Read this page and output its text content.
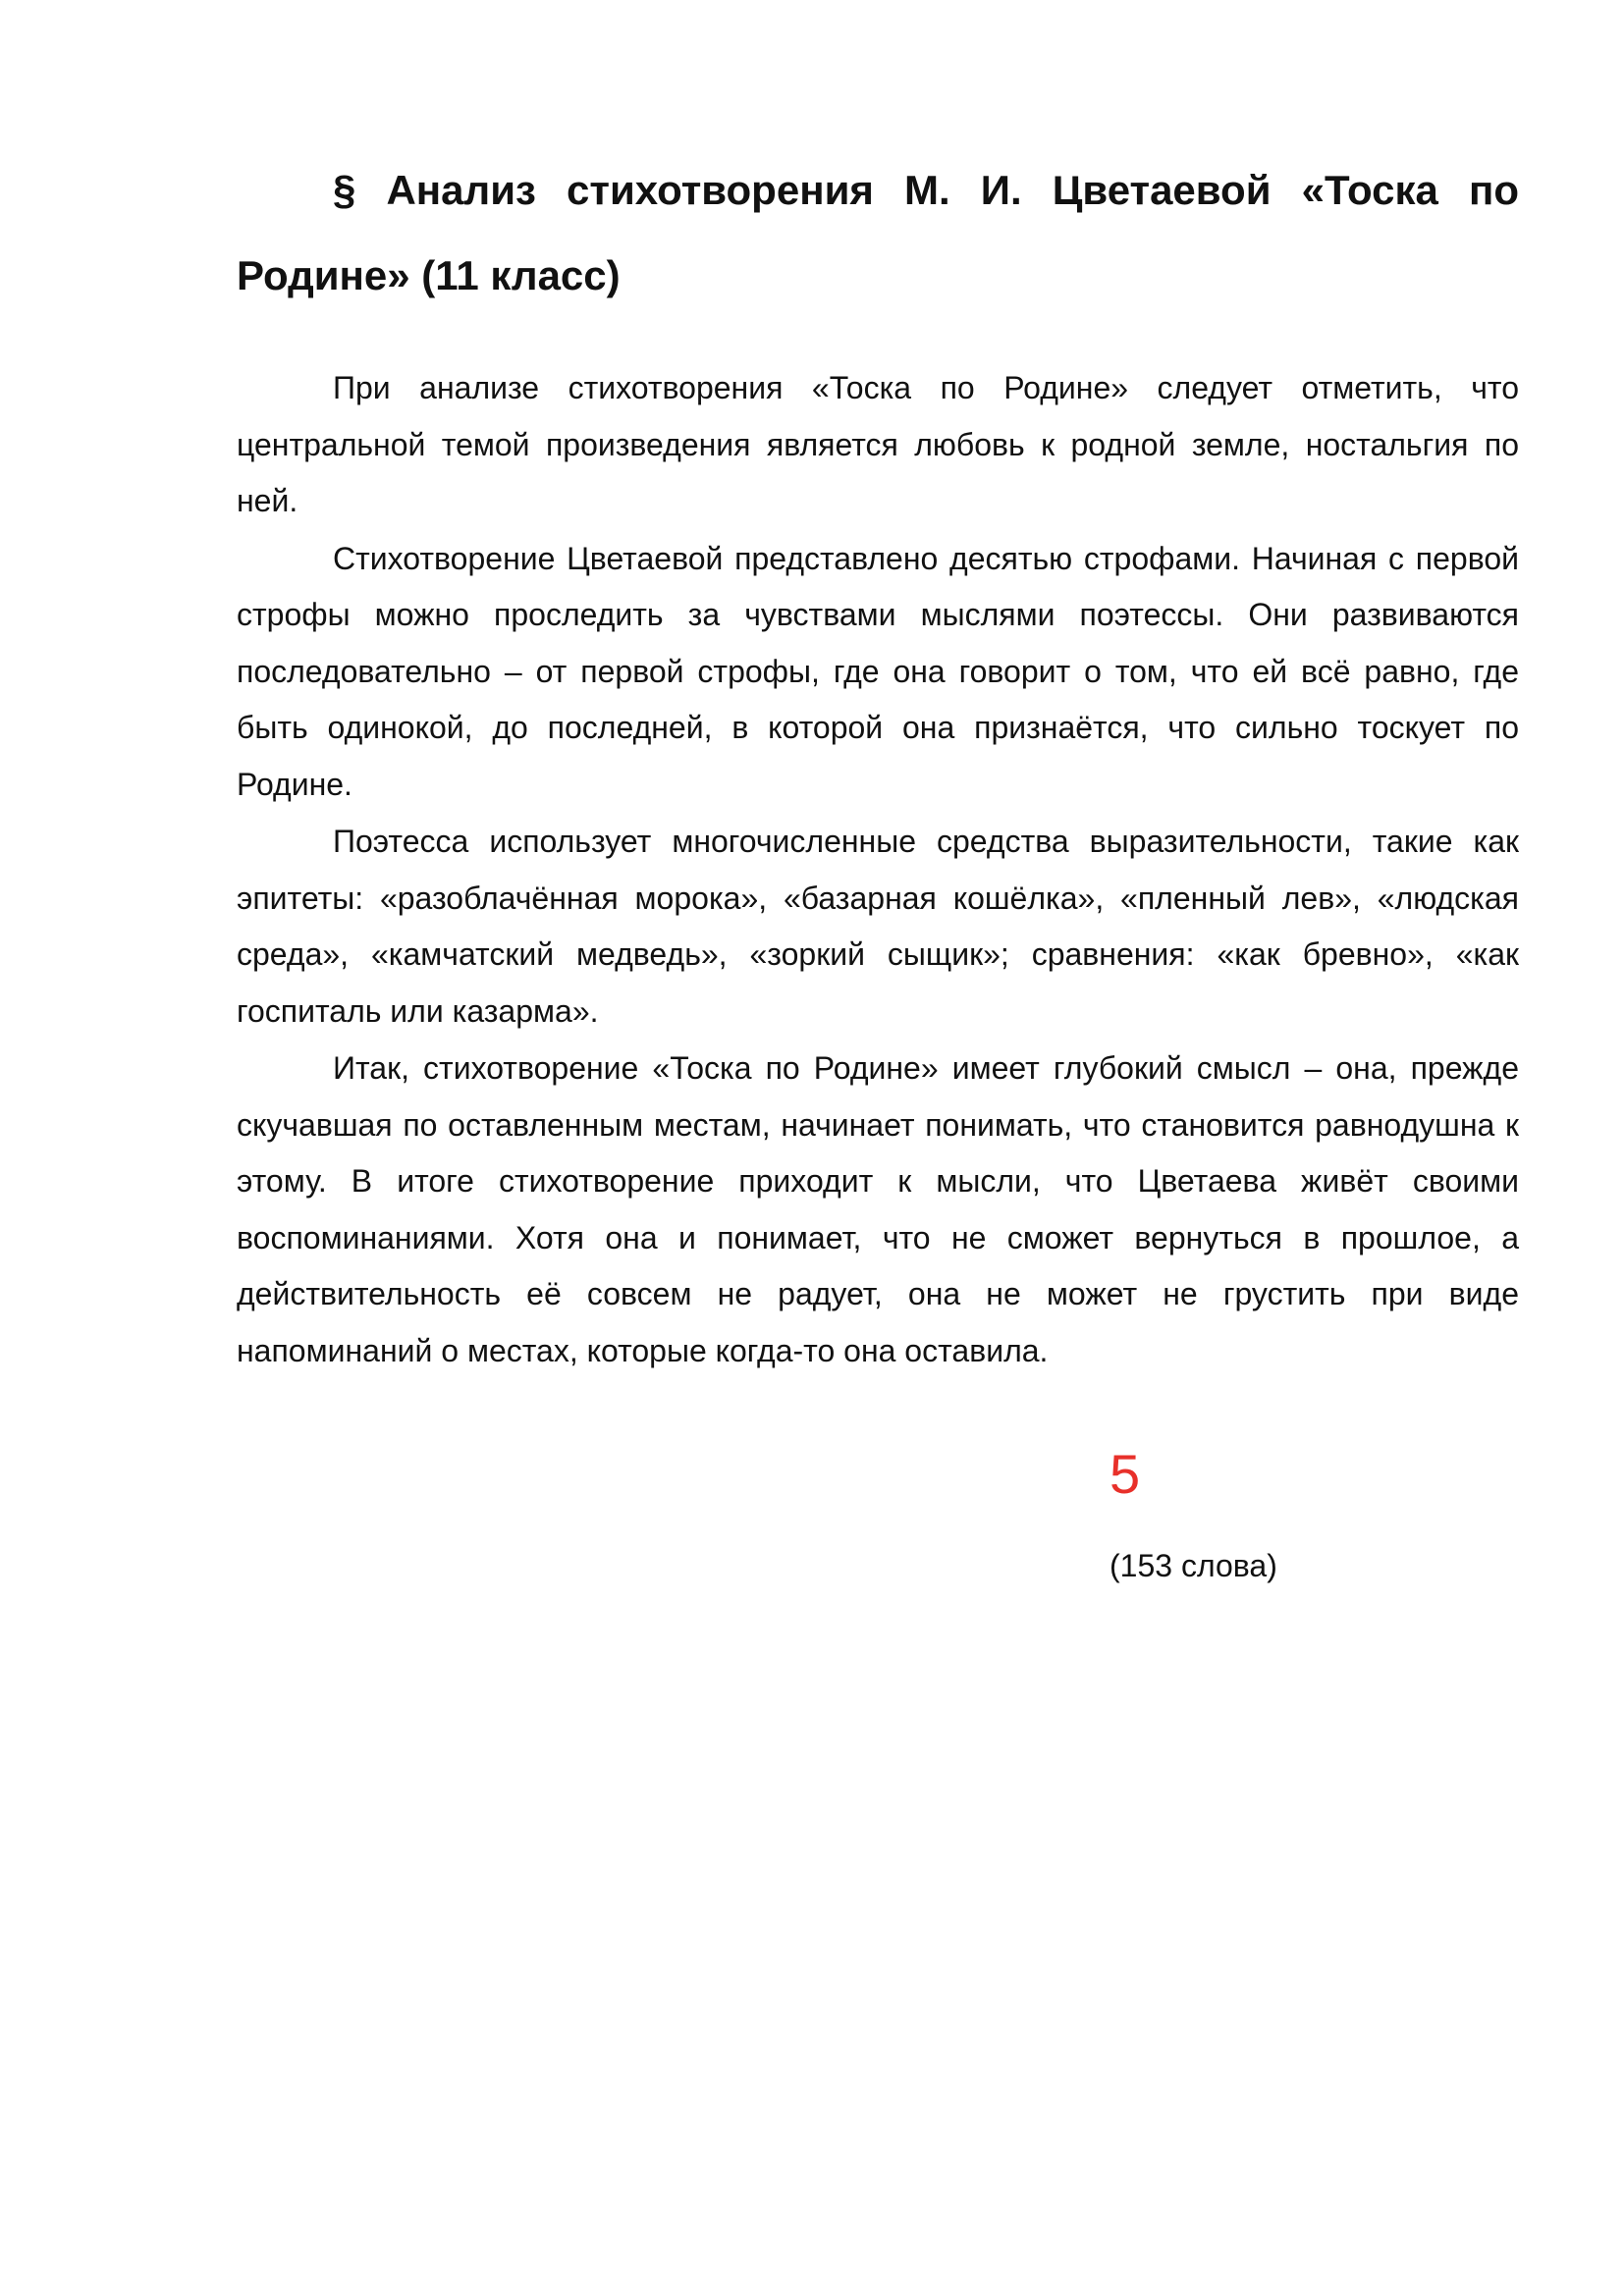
§ Анализ стихотворения М. И. Цветаевой «Тоска по Родине» (11 класс)

При анализе стихотворения «Тоска по Родине» следует отметить, что центральной темой произведения является любовь к родной земле, ностальгия по ней.

Стихотворение Цветаевой представлено десятью строфами. Начиная с первой строфы можно проследить за чувствами мыслями поэтессы. Они развиваются последовательно – от первой строфы, где она говорит о том, что ей всё равно, где быть одинокой, до последней, в которой она признаётся, что сильно тоскует по Родине.

Поэтесса использует многочисленные средства выразительности, такие как эпитеты: «разоблачённая морока», «базарная кошёлка», «пленный лев», «людская среда», «камчатский медведь», «зоркий сыщик»; сравнения: «как бревно», «как госпиталь или казарма».

Итак, стихотворение «Тоска по Родине» имеет глубокий смысл – она, прежде скучавшая по оставленным местам, начинает понимать, что становится равнодушна к этому. В итоге стихотворение приходит к мысли, что Цветаева живёт своими воспоминаниями. Хотя она и понимает, что не сможет вернуться в прошлое, а действительность её совсем не радует, она не может не грустить при виде напоминаний о местах, которые когда-то она оставила.

5
(153 слова)
